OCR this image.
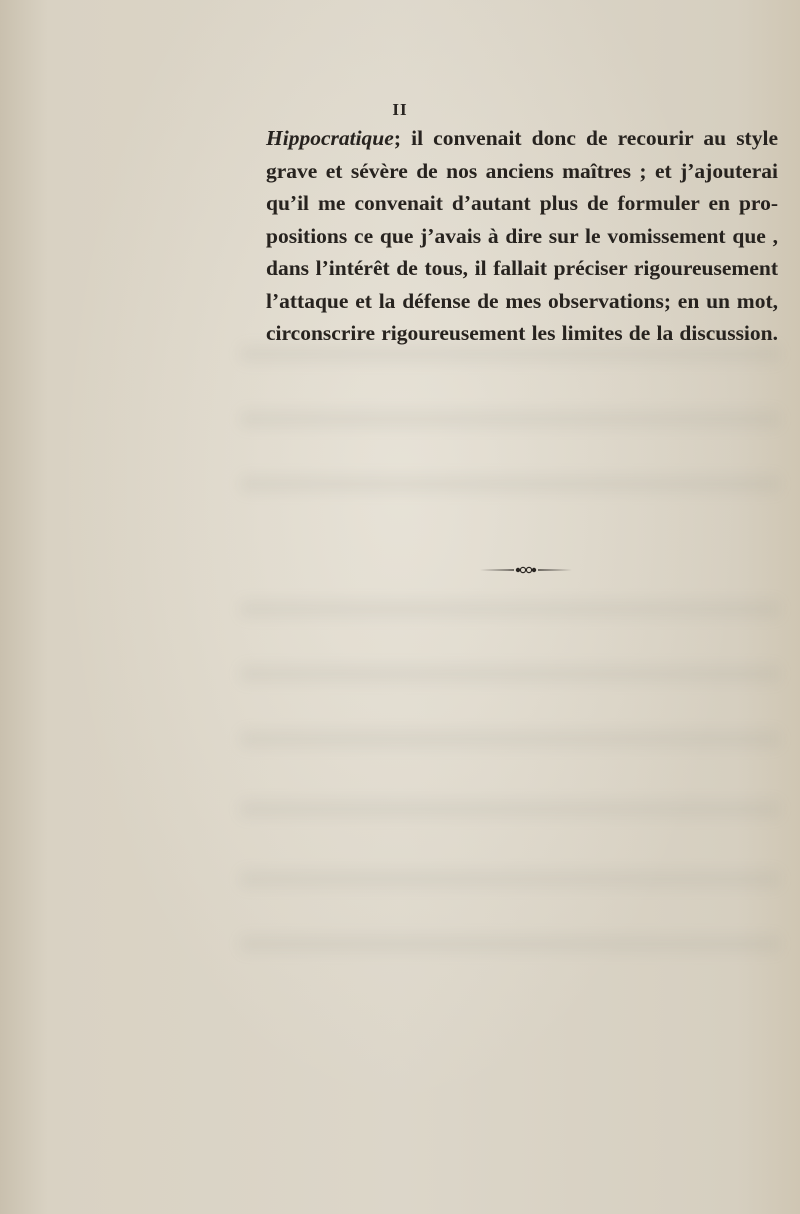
II
Hippocratique; il convenait donc de recourir au style
grave et sévère de nos anciens maîtres ; et j’ajouterai
qu’il me convenait d’autant plus de formuler en pro-
positions ce que j’avais à dire sur le vomissement que ,
dans l’intérêt de tous, il fallait préciser rigoureusement
l’attaque et la défense de mes observations; en un mot,
circonscrire rigoureusement les limites de la discussion.
